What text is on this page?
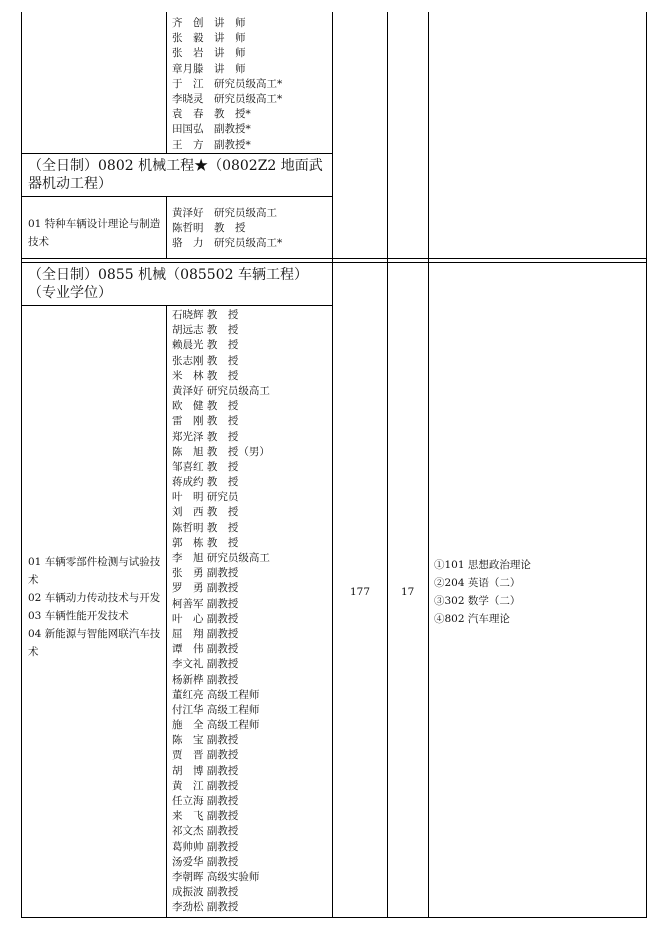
齐　创　讲　师
张　毅　讲　师
张　岩　讲　师
章月滕　讲　师
于　江　研究员级高工*
李晓灵　研究员级高工*
袁　春　教　授*
田国弘　副教授*
王　方　副教授*
（全日制）0802 机械工程★（0802Z2 地面武器机动工程）
01 特种车辆设计理论与制造技术
黄泽好　研究员级高工
陈哲明　教　授
骆　力　研究员级高工*
（全日制）0855 机械（085502 车辆工程）（专业学位）
01 车辆零部件检测与试验技术
02 车辆动力传动技术与开发
03 车辆性能开发技术
04 新能源与智能网联汽车技术
石晓辉 教　授
胡远志 教　授
赖晨光 教　授
张志刚 教　授
米　林 教　授
黄泽好 研究员级高工
欧　健 教　授
雷　刚 教　授
郑光泽 教　授
陈　旭 教　授（男）
邹喜红 教　授
蒋成约 教　授
叶　明 研究员
刘　西 教　授
陈哲明 教　授
郭　栋 教　授
李　旭 研究员级高工
张　勇 副教授
罗　勇 副教授
柯善军 副教授
叶　心 副教授
屈　翔 副教授
谭　伟 副教授
李文礼 副教授
杨新桦 副教授
董红亮 高级工程师
付江华 高级工程师
施　全 高级工程师
陈　宝 副教授
贾　晋 副教授
胡　博 副教授
黄　江 副教授
任立海 副教授
来　飞 副教授
祁文杰 副教授
葛帅帅 副教授
汤爱华 副教授
李朝晖 高级实验师
成振波 副教授
李劲松 副教授
177	17
①101 思想政治理论
②204 英语（二）
③302 数学（二）
④802 汽车理论
